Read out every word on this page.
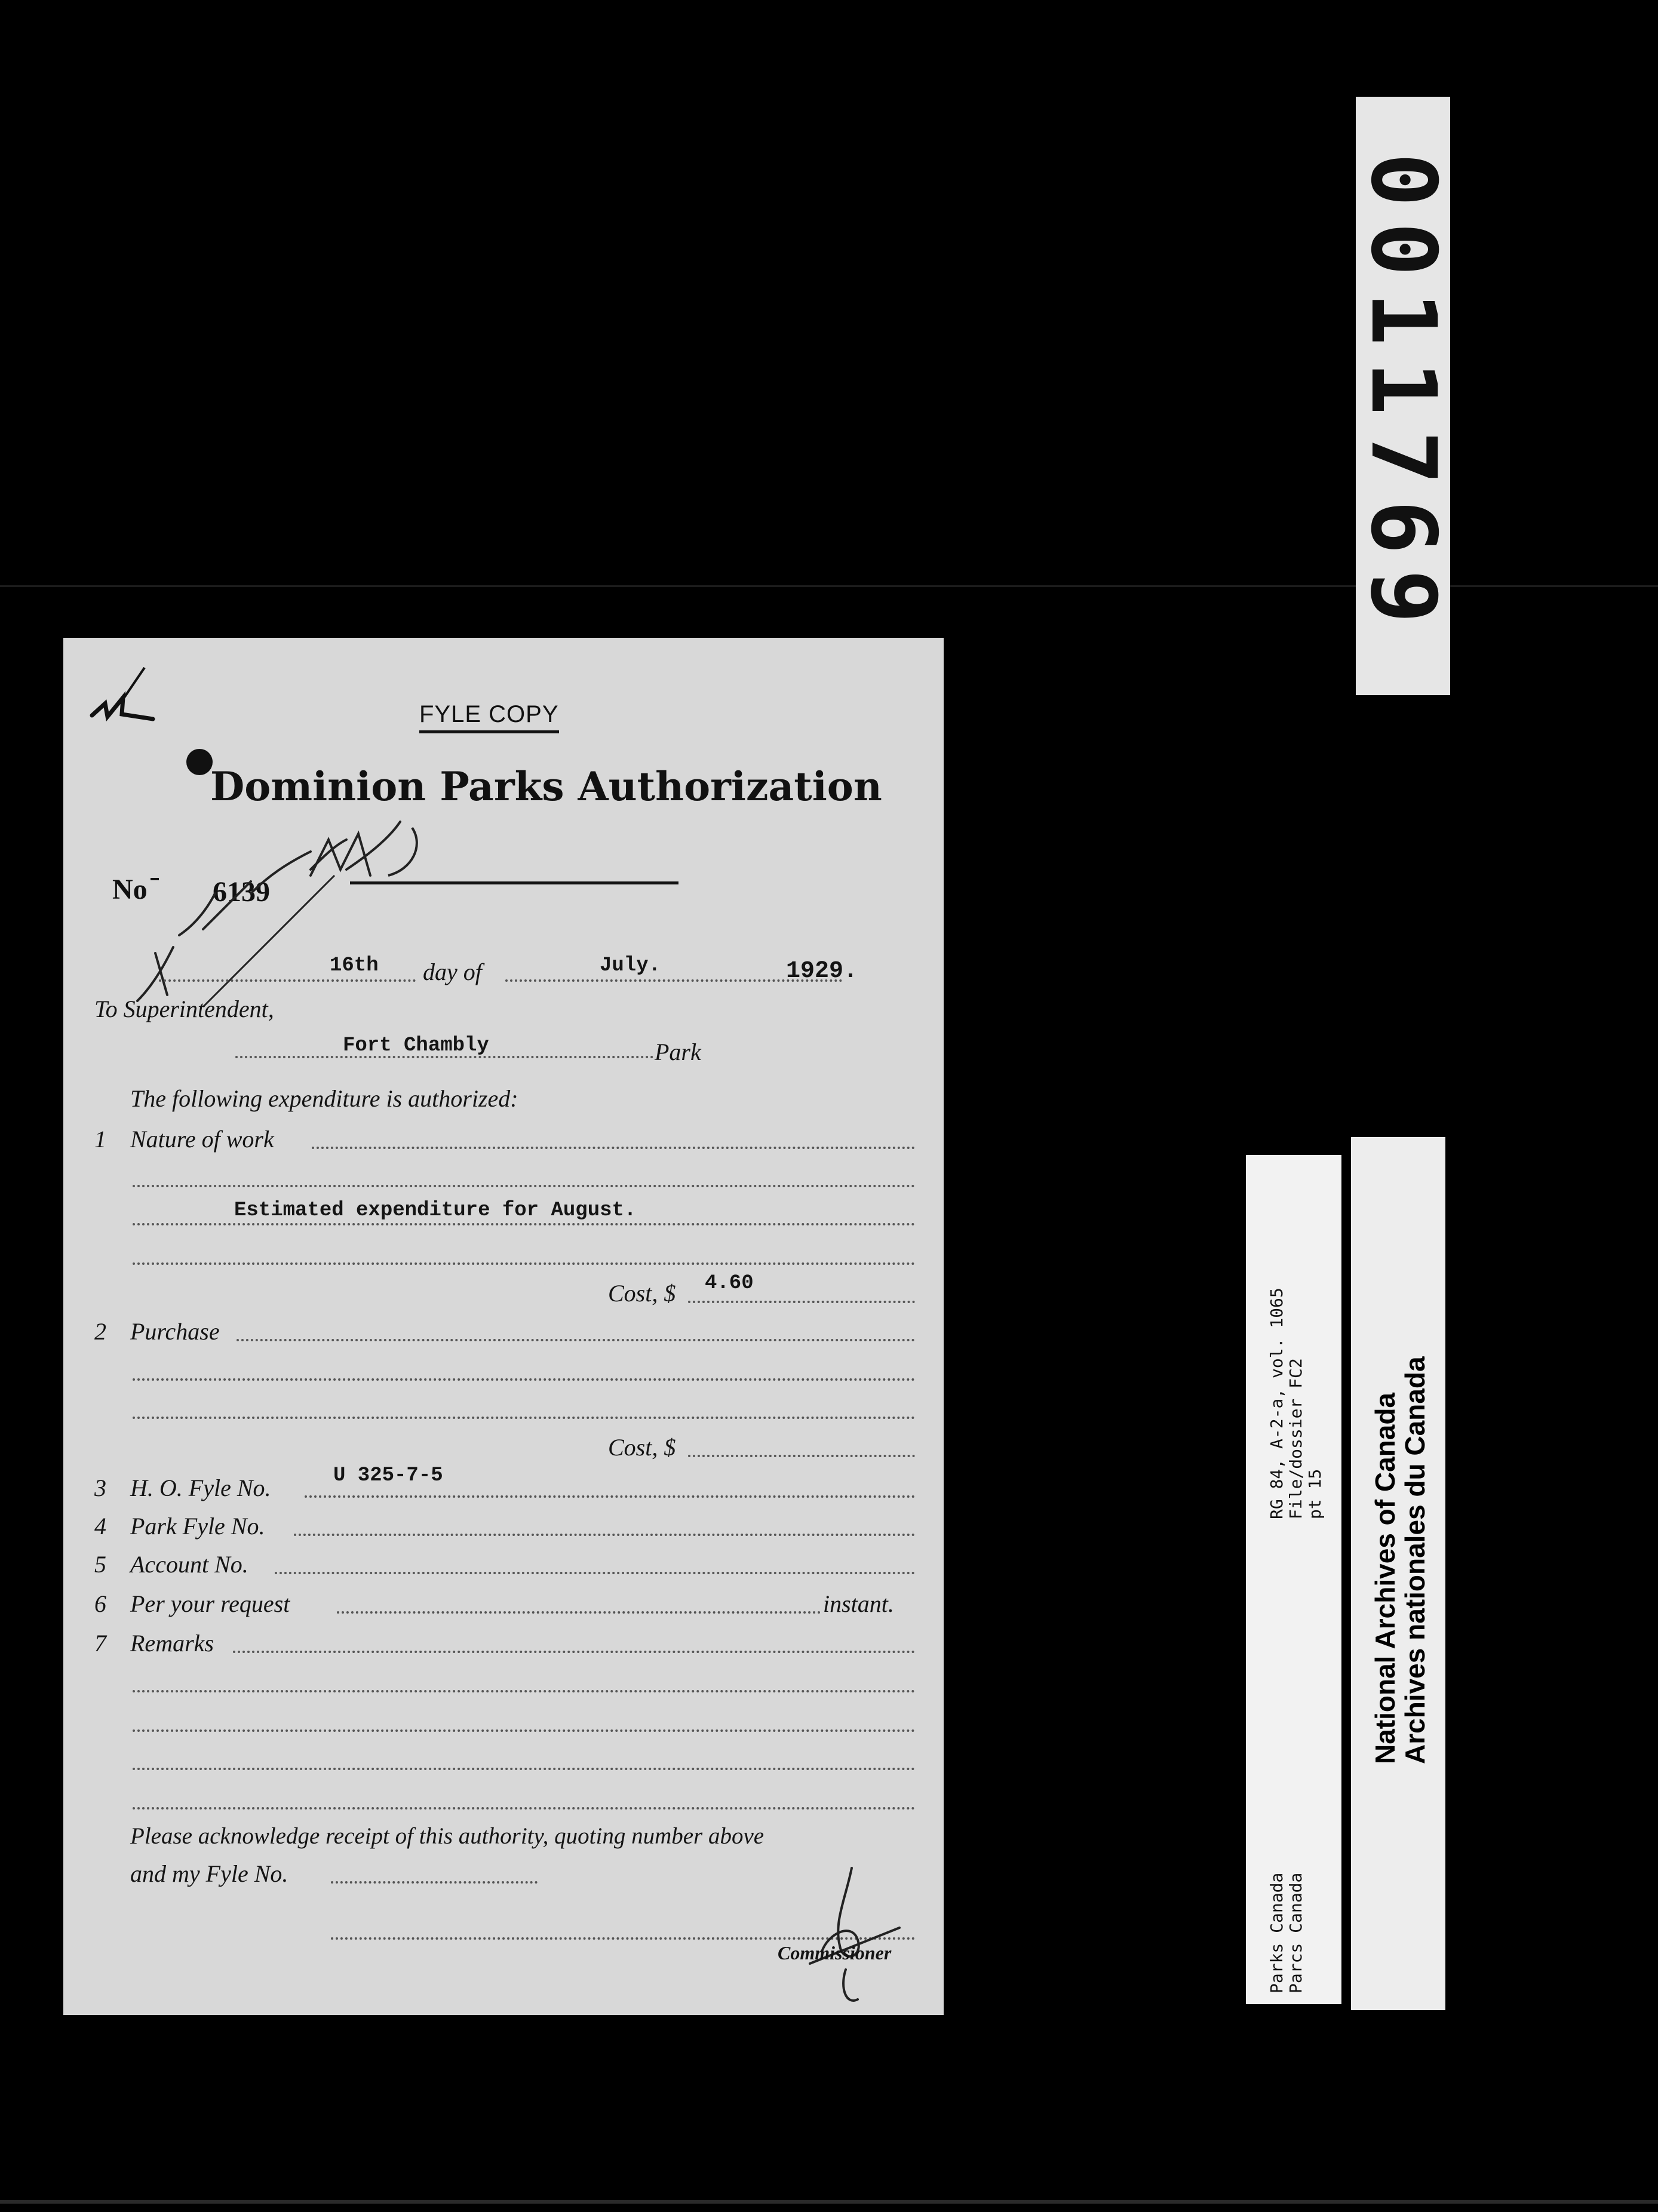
FYLE COPY
Dominion Parks Authorization
No 6139
16th day of	July.	1929.
To Superintendent,
Fort Chambly	Park
The following expenditure is authorized:
1 Nature of work
Estimated expenditure for August.
Cost, $ 4.60
2 Purchase
Cost, $
3 H. O. Fyle No.	U 325-7-5
4 Park Fyle No.
5 Account No.
6 Per your request	instant.
7 Remarks
Please acknowledge receipt of this authority, quoting number above
and my Fyle No.
Commissioner
0011769
RG 84, A-2-a, vol. 1065 File/dossier FC2 pt 15
Parks Canada Parcs Canada
National Archives of Canada
Archives nationales du Canada
